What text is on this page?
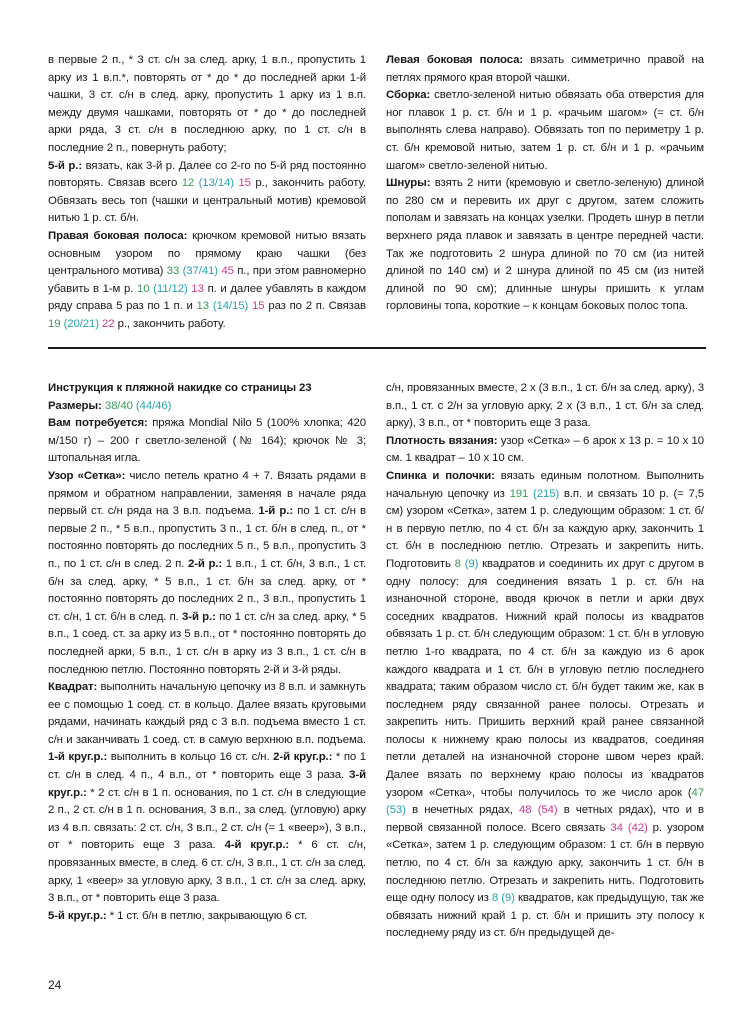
в первые 2 п., * 3 ст. с/н за след. арку, 1 в.п., пропустить 1 арку из 1 в.п.*, повторять от * до * до последней арки 1-й чашки, 3 ст. с/н в след. арку, пропустить 1 арку из 1 в.п. между двумя чашками, повторять от * до * до последней арки ряда, 3 ст. с/н в последнюю арку, по 1 ст. с/н в последние 2 п., повернуть работу;

5-й р.: вязать, как 3-й р. Далее со 2-го по 5-й ряд постоянно повторять. Связав всего 12 (13/14) 15 р., закончить работу. Обвязать весь топ (чашки и центральный мотив) кремовой нитью 1 р. ст. б/н.

Правая боковая полоса: крючком кремовой нитью вязать основным узором по прямому краю чашки (без центрального мотива) 33 (37/41) 45 п., при этом равномерно убавить в 1-м р. 10 (11/12) 13 п. и далее убавлять в каждом ряду справа 5 раз по 1 п. и 13 (14/15) 15 раз по 2 п. Связав 19 (20/21) 22 р., закончить работу.

Левая боковая полоса: вязать симметрично правой на петлях прямого края второй чашки.

Сборка: светло-зеленой нитью обвязать оба отверстия для ног плавок 1 р. ст. б/н и 1 р. «рачьим шагом» (= ст. б/н выполнять слева направо). Обвязать топ по периметру 1 р. ст. б/н кремовой нитью, затем 1 р. ст. б/н и 1 р. «рачьим шагом» светло-зеленой нитью.

Шнуры: взять 2 нити (кремовую и светло-зеленую) длиной по 280 см и перевить их друг с другом, затем сложить пополам и завязать на концах узелки. Продеть шнур в петли верхнего ряда плавок и завязать в центре передней части. Так же подготовить 2 шнура длиной по 70 см (из нитей длиной по 140 см) и 2 шнура длиной по 45 см (из нитей длиной по 90 см); длинные шнуры пришить к углам горловины топа, короткие – к концам боковых полос топа.

Инструкция к пляжной накидке со страницы 23

Размеры: 38/40 (44/46)

Вам потребуется: пряжа Mondial Nilo 5 (100% хлопка; 420 м/150 г) – 200 г светло-зеленой (№ 164); крючок № 3; штопальная игла.

Узор «Сетка»: число петель кратно 4 + 7. Вязать рядами в прямом и обратном направлении, заменяя в начале ряда первый ст. с/н ряда на 3 в.п. подъема. 1-й р.: по 1 ст. с/н в первые 2 п., * 5 в.п., пропустить 3 п., 1 ст. б/н в след. п., от * постоянно повторять до последних 5 п., 5 в.п., пропустить 3 п., по 1 ст. с/н в след. 2 п. 2-й р.: 1 в.п., 1 ст. б/н, 3 в.п., 1 ст. б/н за след. арку, * 5 в.п., 1 ст. б/н за след. арку, от * постоянно повторять до последних 2 п., 3 в.п., пропустить 1 ст. с/н, 1 ст. б/н в след. п. 3-й р.: по 1 ст. с/н за след. арку, * 5 в.п., 1 соед. ст. за арку из 5 в.п., от * постоянно повторять до последней арки, 5 в.п., 1 ст. с/н в арку из 3 в.п., 1 ст. с/н в последнюю петлю. Постоянно повторять 2-й и 3-й ряды.

Квадрат: выполнить начальную цепочку из 8 в.п. и замкнуть ее с помощью 1 соед. ст. в кольцо. Далее вязать круговыми рядами, начинать каждый ряд с 3 в.п. подъема вместо 1 ст. с/н и заканчивать 1 соед. ст. в самую верхнюю в.п. подъема. 1-й круг.р.: выполнить в кольцо 16 ст. с/н. 2-й круг.р.: * по 1 ст. с/н в след. 4 п., 4 в.п., от * повторить еще 3 раза. 3-й круг.р.: * 2 ст. с/н в 1 п. основания, по 1 ст. с/н в следующие 2 п., 2 ст. с/н в 1 п. основания, 3 в.п., за след. (угловую) арку из 4 в.п. связать: 2 ст. с/н, 3 в.п., 2 ст. с/н (= 1 «веер»), 3 в.п., от * повторить еще 3 раза. 4-й круг.р.: * 6 ст. с/н, провязанных вместе, в след. 6 ст. с/н, 3 в.п., 1 ст. с/н за след. арку, 1 «веер» за угловую арку, 3 в.п., 1 ст. с/н за след. арку, 3 в.п., от * повторить еще 3 раза.

5-й круг.р.: * 1 ст. б/н в петлю, закрывающую 6 ст.

с/н, провязанных вместе, 2 х (3 в.п., 1 ст. б/н за след. арку), 3 в.п., 1 ст. с 2/н за угловую арку, 2 х (3 в.п., 1 ст. б/н за след. арку), 3 в.п., от * повторить еще 3 раза.

Плотность вязания: узор «Сетка» – 6 арок х 13 р. = 10 х 10 см. 1 квадрат – 10 х 10 см.

Спинка и полочки: вязать единым полотном. Выполнить начальную цепочку из 191 (215) в.п. и связать 10 р. (= 7,5 см) узором «Сетка», затем 1 р. следующим образом: 1 ст. б/н в первую петлю, по 4 ст. б/н за каждую арку, закончить 1 ст. б/н в последнюю петлю. Отрезать и закрепить нить. Подготовить 8 (9) квадратов и соединить их друг с другом в одну полосу: для соединения вязать 1 р. ст. б/н на изнаночной стороне, вводя крючок в петли и арки двух соседних квадратов. Нижний край полосы из квадратов обвязать 1 р. ст. б/н следующим образом: 1 ст. б/н в угловую петлю 1-го квадрата, по 4 ст. б/н за каждую из 6 арок каждого квадрата и 1 ст. б/н в угловую петлю последнего квадрата; таким образом число ст. б/н будет таким же, как в последнем ряду связанной ранее полосы. Отрезать и закрепить нить. Пришить верхний край ранее связанной полосы к нижнему краю полосы из квадратов, соединяя петли деталей на изнаночной стороне швом через край. Далее вязать по верхнему краю полосы из квадратов узором «Сетка», чтобы получилось то же число арок (47 (53) в нечетных рядах, 48 (54) в четных рядах), что и в первой связанной полосе. Всего связать 34 (42) р. узором «Сетка», затем 1 р. следующим образом: 1 ст. б/н в первую петлю, по 4 ст. б/н за каждую арку, закончить 1 ст. б/н в последнюю петлю. Отрезать и закрепить нить. Подготовить еще одну полосу из 8 (9) квадратов, как предыдущую, так же обвязать нижний край 1 р. ст. б/н и пришить эту полосу к последнему ряду из ст. б/н предыдущей де-

24
